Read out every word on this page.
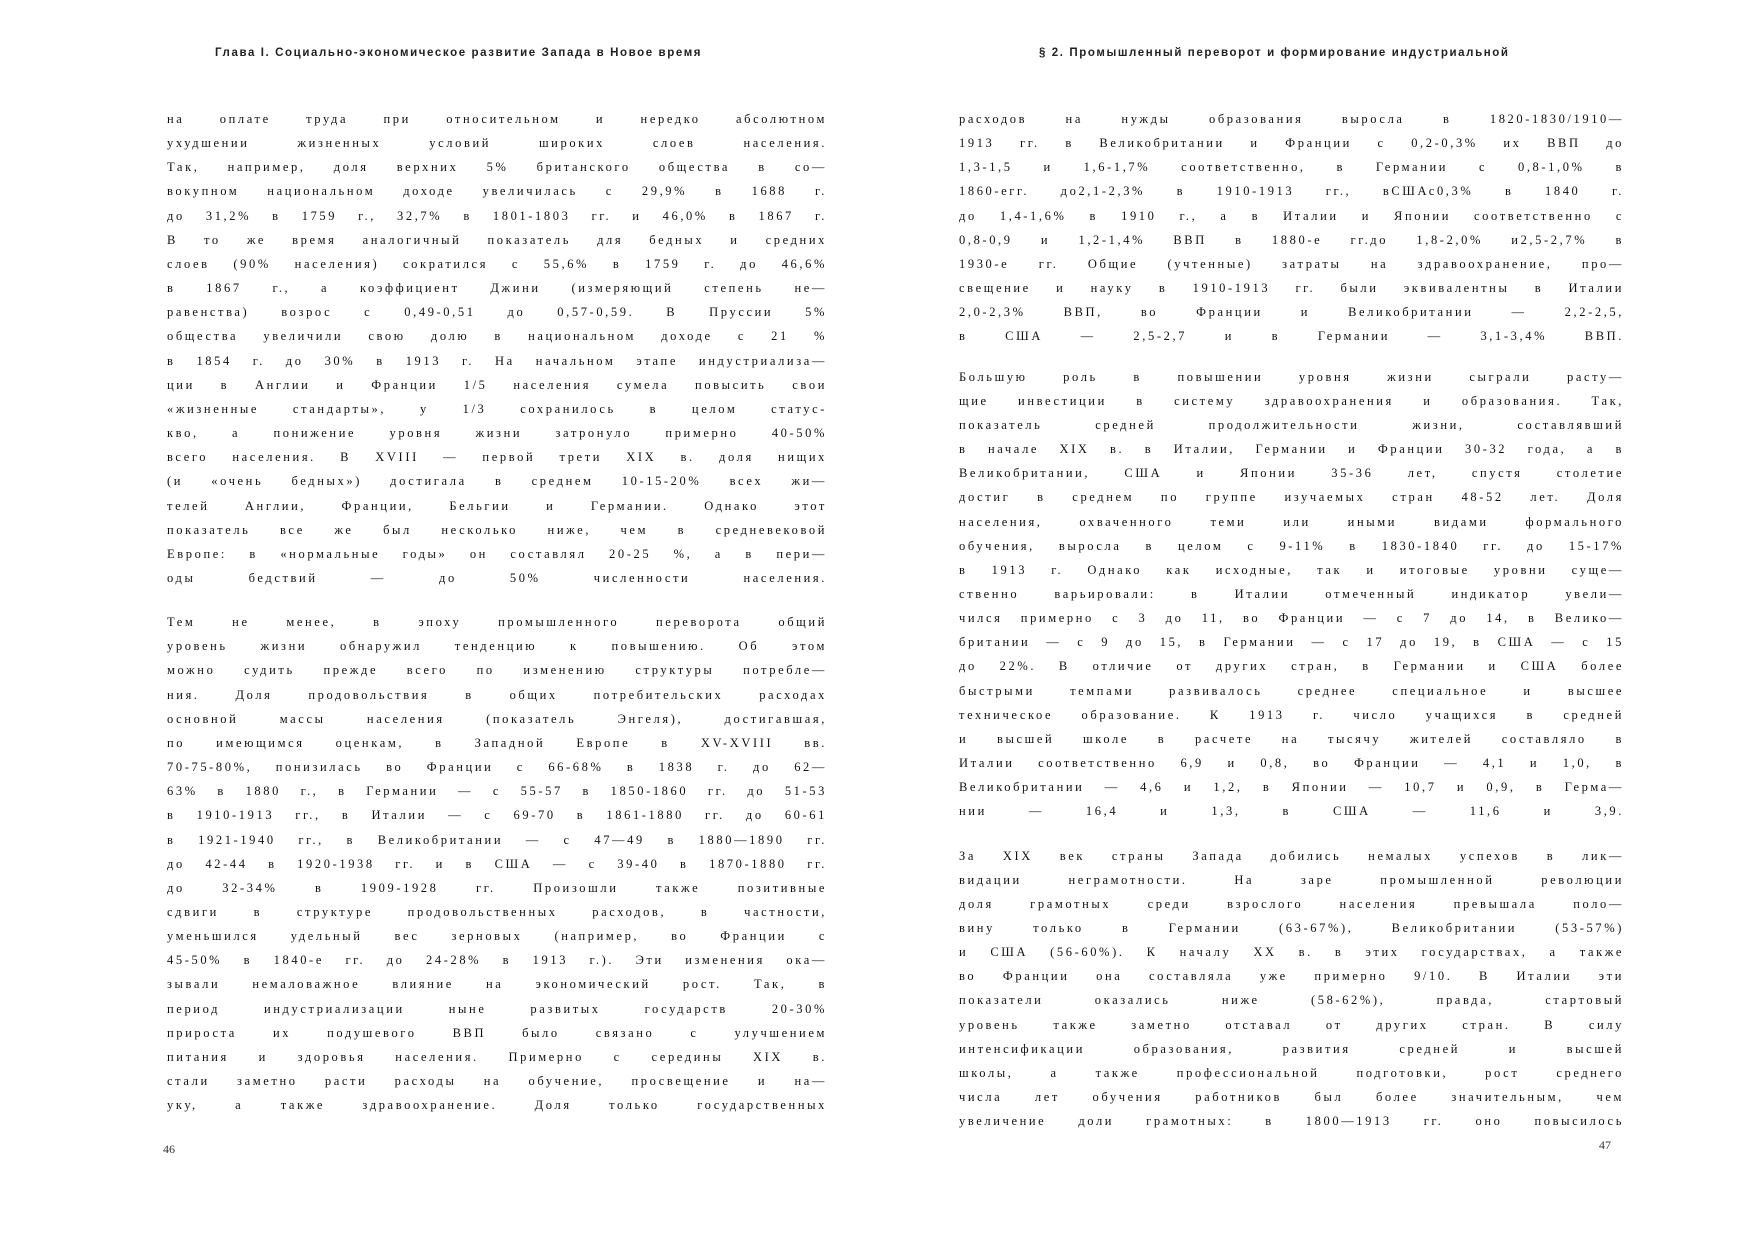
Глава I. Социально-экономическое развитие Запада в Новое время

на оплате труда при относительном и нередко абсолютном
ухудшении жизненных условий широких слоев населения.
Так, например, доля верхних 5% британского общества в со—
вокупном национальном доходе увеличилась с 29,9% в 1688 г.
до 31,2% в 1759 г., 32,7% в 1801-1803 гг. и 46,0% в 1867 г.
В то же время аналогичный показатель для бедных и средних
слоев (90% населения) сократился с 55,6% в 1759 г. до 46,6%
в 1867 г., а коэффициент Джини (измеряющий степень не—
равенства) возрос с 0,49-0,51 до 0,57-0,59. В Пруссии 5%
общества увеличили свою долю в национальном доходе с 21 %
в 1854 г. до 30% в 1913 г. На начальном этапе индустриализа—
ции в Англии и Франции 1/5 населения сумела повысить свои
«жизненные стандарты», у 1/3 сохранилось в целом статус-
кво, а понижение уровня жизни затронуло примерно 40-50%
всего населения. В XVIII — первой трети XIX в. доля нищих
(и «очень бедных») достигала в среднем 10-15-20% всех жи—
телей Англии, Франции, Бельгии и Германии. Однако этот
показатель все же был несколько ниже, чем в средневековой
Европе: в «нормальные годы» он составлял 20-25 %, а в пери—
оды бедствий — до 50% численности населения.

Тем не менее, в эпоху промышленного переворота общий
уровень жизни обнаружил тенденцию к повышению. Об этом
можно судить прежде всего по изменению структуры потребле—
ния. Доля продовольствия в общих потребительских расходах
основной массы населения (показатель Энгеля), достигавшая,
по имеющимся оценкам, в Западной Европе в XV-XVIII вв.
70-75-80%, понизилась во Франции с 66-68% в 1838 г. до 62—
63% в 1880 г., в Германии — с 55-57 в 1850-1860 гг. до 51-53
в 1910-1913 гг., в Италии — с 69-70 в 1861-1880 гг. до 60-61
в 1921-1940 гг., в Великобритании — с 47—49 в 1880—1890 гг.
до 42-44 в 1920-1938 гг. и в США — с 39-40 в 1870-1880 гг.
до 32-34% в 1909-1928 гг. Произошли также позитивные
сдвиги в структуре продовольственных расходов, в частности,
уменьшился удельный вес зерновых (например, во Франции с
45-50% в 1840-е гг. до 24-28% в 1913 г.). Эти изменения ока—
зывали немаловажное влияние на экономический рост. Так, в
период индустриализации ныне развитых государств 20-30%
прироста их подушевого ВВП было связано с улучшением
питания и здоровья населения. Примерно с середины XIX в.
стали заметно расти расходы на обучение, просвещение и на—
уку, а также здравоохранение. Доля только государственных

46

§ 2. Промышленный переворот и формирование индустриальной

расходов на нужды образования выросла в 1820-1830/1910—
1913 гг. в Великобритании и Франции с 0,2-0,3% их ВВП до
1,3-1,5 и 1,6-1,7% соответственно, в Германии с 0,8-1,0% в
1860-егг. до2,1-2,3% в 1910-1913 гг., вСШАс0,3% в 1840 г.
до 1,4-1,6% в 1910 г., а в Италии и Японии соответственно с
0,8-0,9 и 1,2-1,4% ВВП в 1880-е гг.до 1,8-2,0% и2,5-2,7% в
1930-е гг. Общие (учтенные) затраты на здравоохранение, про—
свещение и науку в 1910-1913 гг. были эквивалентны в Италии
2,0-2,3% ВВП, во Франции и Великобритании — 2,2-2,5,
в США — 2,5-2,7 и в Германии — 3,1-3,4% ВВП.

Большую роль в повышении уровня жизни сыграли расту—
щие инвестиции в систему здравоохранения и образования. Так,
показатель средней продолжительности жизни, составлявший
в начале XIX в. в Италии, Германии и Франции 30-32 года, а в
Великобритании, США и Японии 35-36 лет, спустя столетие
достиг в среднем по группе изучаемых стран 48-52 лет. Доля
населения, охваченного теми или иными видами формального
обучения, выросла в целом с 9-11% в 1830-1840 гг. до 15-17%
в 1913 г. Однако как исходные, так и итоговые уровни суще—
ственно варьировали: в Италии отмеченный индикатор увели—
чился примерно с 3 до 11, во Франции — с 7 до 14, в Велико—
британии — с 9 до 15, в Германии — с 17 до 19, в США — с 15
до 22%. В отличие от других стран, в Германии и США более
быстрыми темпами развивалось среднее специальное и высшее
техническое образование. К 1913 г. число учащихся в средней
и высшей школе в расчете на тысячу жителей составляло в
Италии соответственно 6,9 и 0,8, во Франции — 4,1 и 1,0, в
Великобритании — 4,6 и 1,2, в Японии — 10,7 и 0,9, в Герма—
нии — 16,4 и 1,3, в США — 11,6 и 3,9.

За XIX век страны Запада добились немалых успехов в лик—
видации неграмотности. На заре промышленной революции
доля грамотных среди взрослого населения превышала поло—
вину только в Германии (63-67%), Великобритании (53-57%)
и США (56-60%). К началу XX в. в этих государствах, а также
во Франции она составляла уже примерно 9/10. В Италии эти
показатели оказались ниже (58-62%), правда, стартовый
уровень также заметно отставал от других стран. В силу
интенсификации образования, развития средней и высшей
школы, а также профессиональной подготовки, рост среднего
числа лет обучения работников был более значительным, чем
увеличение доли грамотных: в 1800—1913 гг. оно повысилось

47
